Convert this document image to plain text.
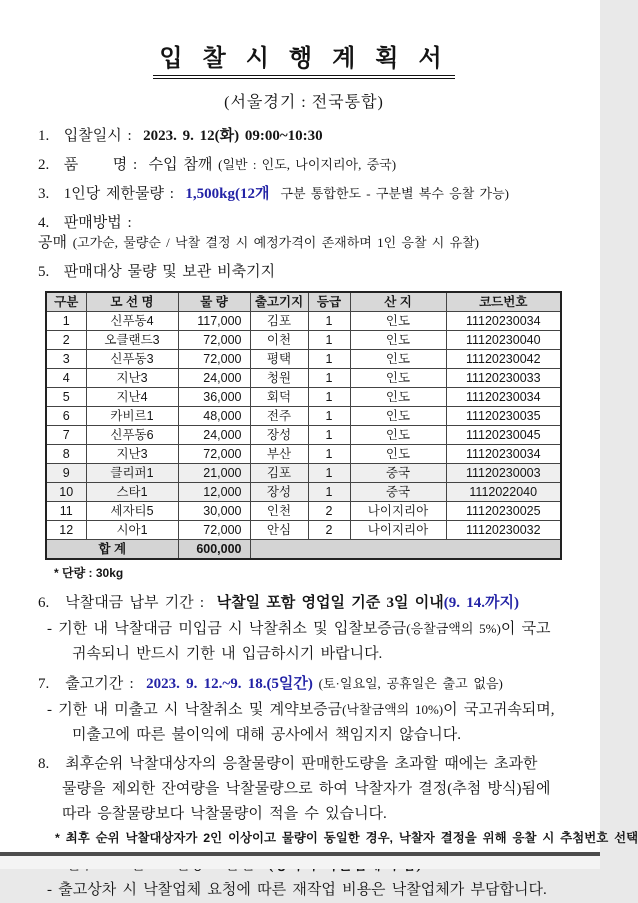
입 찰 시 행 계 획 서
(서울경기 : 전국통합)
1. 입찰일시 :  2023. 9. 12(화) 09:00~10:30
2. 품      명 :  수입 참깨 (일반 : 인도, 나이지리아, 중국)
3. 1인당 제한물량 :  1,500kg(12개  구분 통합한도 - 구분별 복수 응찰 가능)
4. 판매방법 :  공매 (고가순, 물량순 / 낙찰 결정 시 예정가격이 존재하며 1인 응찰 시 유찰)
5. 판매대상 물량 및 보관 비축기지
구분	모 선 명	물 량	출고기지	등급	산 지	코드번호
1	신푸동4	117,000	김포	1	인도	11120230034
2	오클랜드3	72,000	이천	1	인도	11120230040
3	신푸동3	72,000	평택	1	인도	11120230042
4	지난3	24,000	청원	1	인도	11120230033
5	지난4	36,000	회덕	1	인도	11120230034
6	카비르1	48,000	전주	1	인도	11120230035
7	신푸동6	24,000	장성	1	인도	11120230045
8	지난3	72,000	부산	1	인도	11120230034
9	클리퍼1	21,000	김포	1	중국	11120230003
10	스타1	12,000	장성	1	중국	1112022040
11	세자티5	30,000	인천	2	나이지리아	11120230025
12	시아1	72,000	안심	2	나이지리아	11120230032
합 계		600,000				
* 단량 : 30kg
6. 낙찰대금 납부 기간 :  낙찰일 포함 영업일 기준 3일 이내(9. 14.까지)
- 기한 내 낙찰대금 미입금 시 낙찰취소 및 입찰보증금(응찰금액의 5%)이 국고
귀속되니 반드시 기한 내 입금하시기 바랍니다.
7. 출고기간 :  2023. 9. 12.~9. 18.(5일간) (토·일요일, 공휴일은 출고 없음)
- 기한 내 미출고 시 낙찰취소 및 계약보증금(낙찰금액의 10%)이 국고귀속되며,
미출고에 따른 불이익에 대해 공사에서 책임지지 않습니다.
8. 최후순위 낙찰대상자의 응찰물량이 판매한도량을 초과할 때에는 초과한
물량을 제외한 잔여량을 낙찰물량으로 하여 낙찰자가 결정(추첨 방식)됨에
따라 응찰물량보다 낙찰물량이 적을 수 있습니다.
* 최후 순위 낙찰대상자가 2인 이상이고 물량이 동일한 경우, 낙찰자 결정을 위해 응찰 시 추첨번호 선택
- 출고상차 시 낙찰업체 요청에 따른 재작업 비용은 낙찰업체가 부담합니다.
